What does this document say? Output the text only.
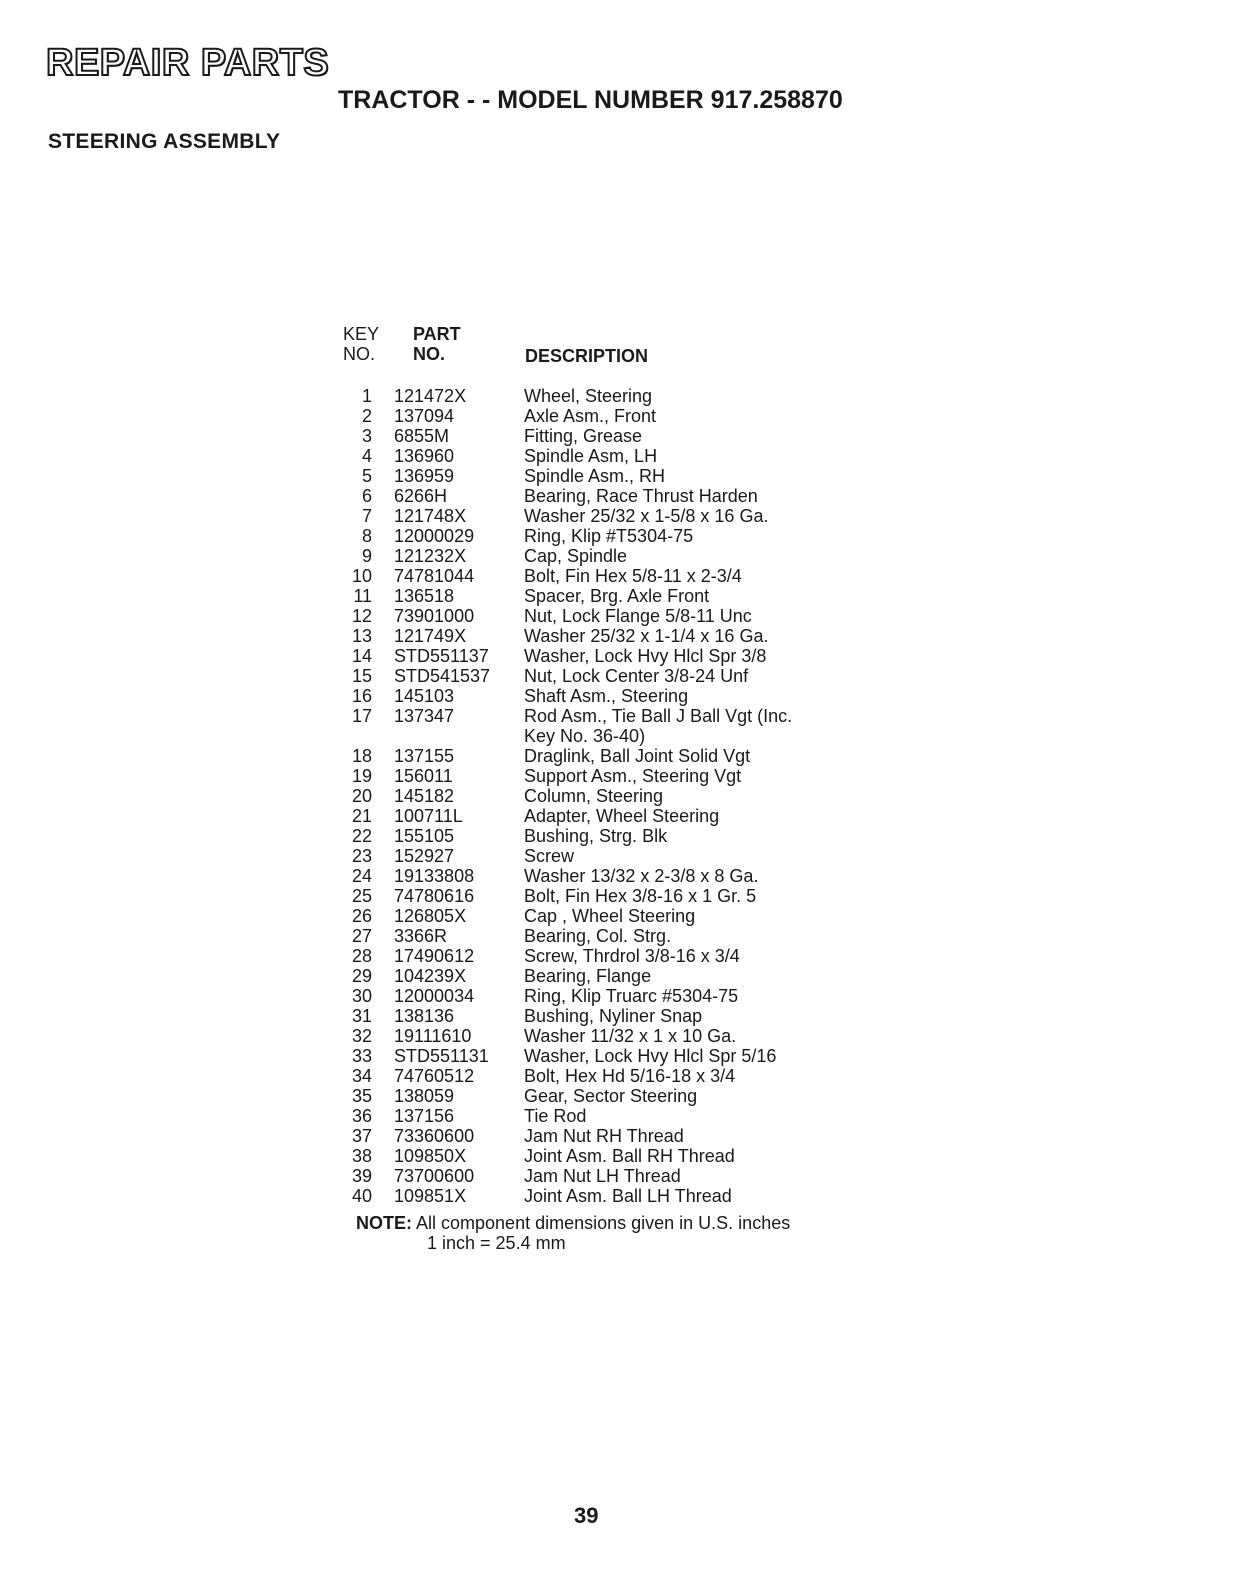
REPAIR PARTS
TRACTOR - - MODEL NUMBER 917.258870
STEERING ASSEMBLY
KEY
NO.
PART
NO.	DESCRIPTION
1	121472X	Wheel, Steering
2	137094	Axle Asm., Front
3	6855M	Fitting, Grease
4	136960	Spindle Asm, LH
5	136959	Spindle Asm., RH
6	6266H	Bearing, Race Thrust Harden
7	121748X	Washer 25/32 x 1-5/8 x 16 Ga.
8	12000029	Ring, Klip #T5304-75
9	121232X	Cap, Spindle
10	74781044	Bolt, Fin Hex 5/8-11 x 2-3/4
11	136518	Spacer, Brg. Axle Front
12	73901000	Nut, Lock Flange 5/8-11 Unc
13	121749X	Washer 25/32 x 1-1/4 x 16 Ga.
14	STD551137	Washer, Lock Hvy Hlcl Spr 3/8
15	STD541537	Nut, Lock Center 3/8-24 Unf
16	145103	Shaft Asm., Steering
17	137347	Rod Asm., Tie Ball J Ball Vgt (Inc.
Key No. 36-40)
18	137155	Draglink, Ball Joint Solid Vgt
19	156011	Support Asm., Steering Vgt
20	145182	Column, Steering
21	100711L	Adapter, Wheel Steering
22	155105	Bushing, Strg. Blk
23	152927	Screw
24	19133808	Washer 13/32 x 2-3/8 x 8 Ga.
25	74780616	Bolt, Fin Hex 3/8-16 x 1 Gr. 5
26	126805X	Cap , Wheel Steering
27	3366R	Bearing, Col. Strg.
28	17490612	Screw, Thrdrol 3/8-16 x 3/4
29	104239X	Bearing, Flange
30	12000034	Ring, Klip Truarc #5304-75
31	138136	Bushing, Nyliner Snap
32	19111610	Washer 11/32 x 1 x 10 Ga.
33	STD551131	Washer, Lock Hvy Hlcl Spr 5/16
34	74760512	Bolt, Hex Hd 5/16-18 x 3/4
35	138059	Gear, Sector Steering
36	137156	Tie Rod
37	73360600	Jam Nut RH Thread
38	109850X	Joint Asm. Ball RH Thread
39	73700600	Jam Nut LH Thread
40	109851X	Joint Asm. Ball LH Thread
NOTE: All component dimensions given in U.S. inches
1 inch = 25.4 mm

39
